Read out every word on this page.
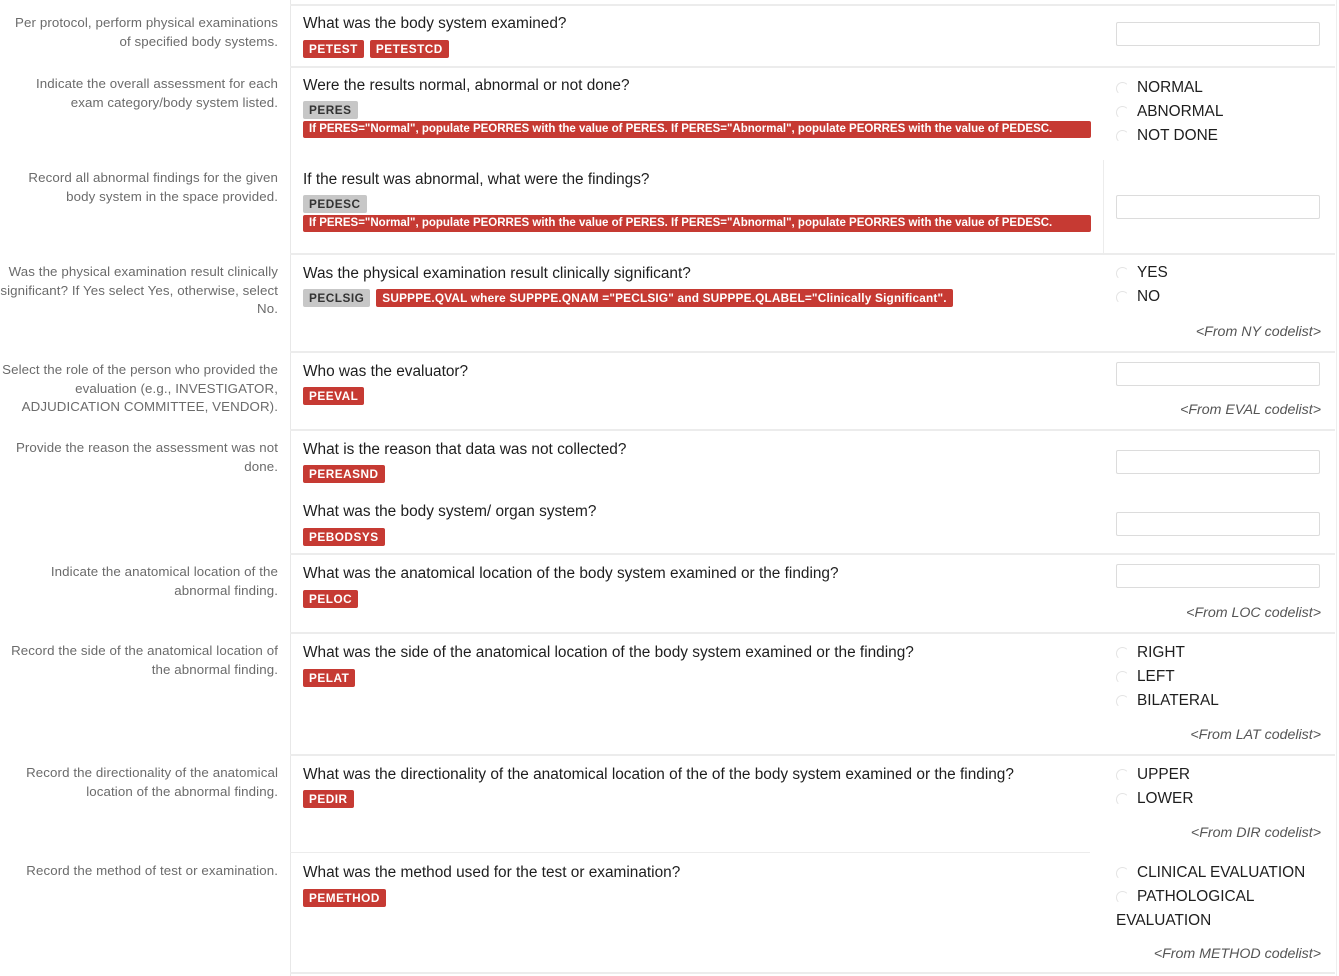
Per protocol, perform physical examinations of specified body systems.
What was the body system examined?
PETEST	PETESTCD
Indicate the overall assessment for each exam category/body system listed.
Were the results normal, abnormal or not done?
PERES
If PERES="Normal", populate PEORRES with the value of PERES. If PERES="Abnormal", populate PEORRES with the value of PEDESC.
NORMAL
ABNORMAL
NOT DONE
Record all abnormal findings for the given body system in the space provided.
If the result was abnormal, what were the findings?
PEDESC
If PERES="Normal", populate PEORRES with the value of PERES. If PERES="Abnormal", populate PEORRES with the value of PEDESC.
Was the physical examination result clinically significant? If Yes select Yes, otherwise, select No.
Was the physical examination result clinically significant?
PECLSIG	SUPPPE.QVAL where SUPPPE.QNAM ="PECLSIG" and SUPPPE.QLABEL="Clinically Significant".
YES
NO
<From NY codelist>
Select the role of the person who provided the evaluation (e.g., INVESTIGATOR, ADJUDICATION COMMITTEE, VENDOR).
Who was the evaluator?
PEEVAL
<From EVAL codelist>
Provide the reason the assessment was not done.
What is the reason that data was not collected?
PEREASND
What was the body system/ organ system?
PEBODSYS
Indicate the anatomical location of the abnormal finding.
What was the anatomical location of the body system examined or the finding?
PELOC
<From LOC codelist>
Record the side of the anatomical location of the abnormal finding.
What was the side of the anatomical location of the body system examined or the finding?
PELAT
RIGHT
LEFT
BILATERAL
<From LAT codelist>
Record the directionality of the anatomical location of the abnormal finding.
What was the directionality of the anatomical location of the of the body system examined or the finding?
PEDIR
UPPER
LOWER
<From DIR codelist>
Record the method of test or examination. What was the method used for the test or examination?
PEMETHOD
CLINICAL EVALUATION
PATHOLOGICAL
EVALUATION
<From METHOD codelist>
